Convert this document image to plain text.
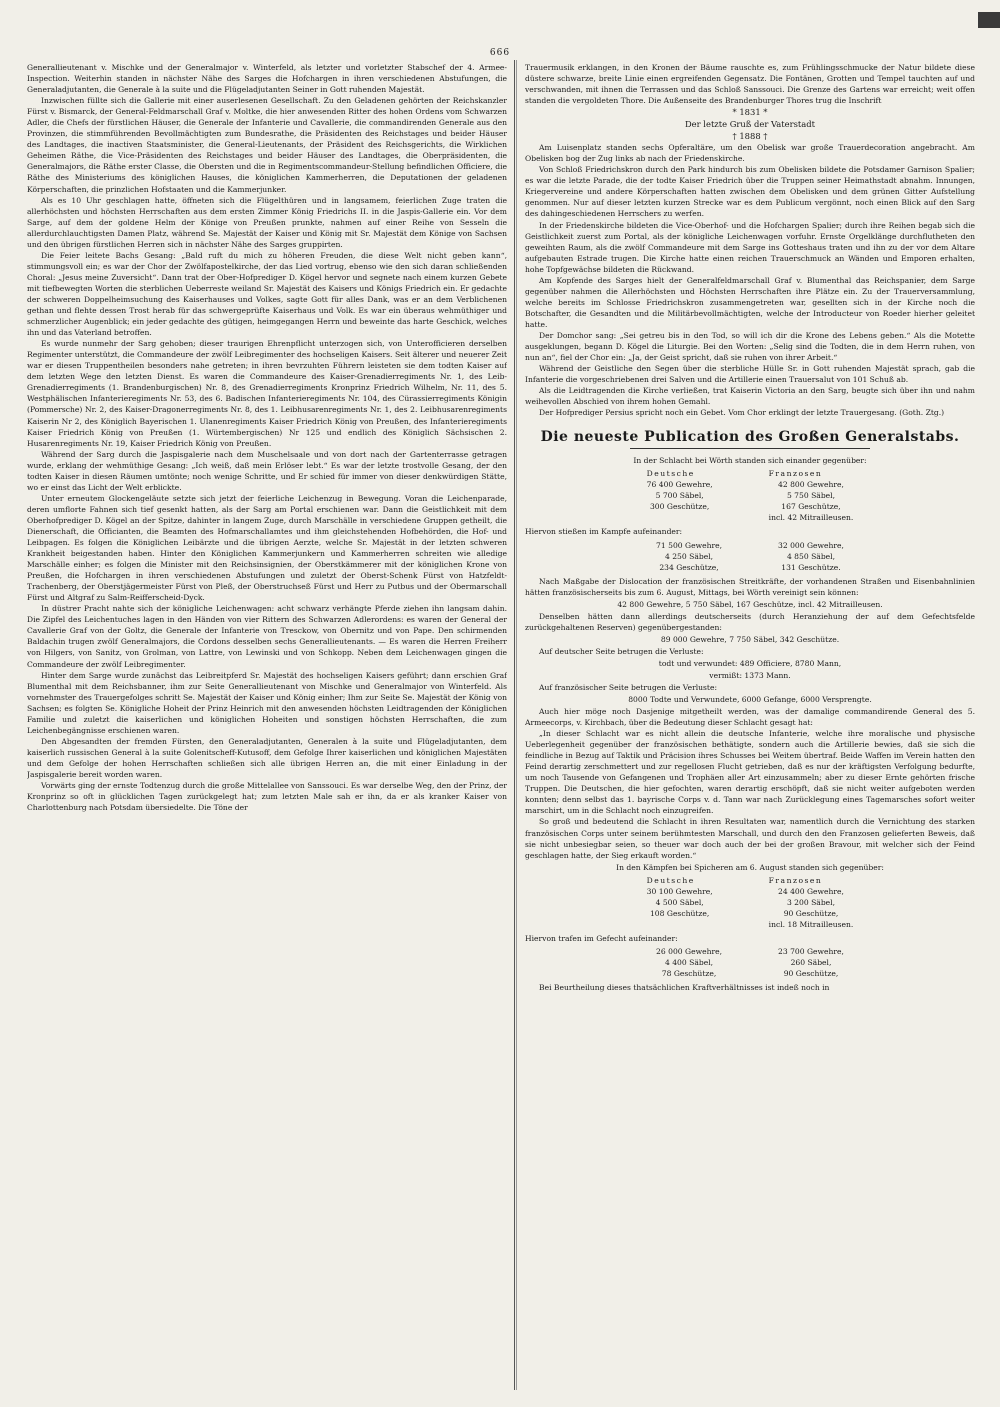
666

Generallieutenant v. Mischke und der Generalmajor v. Winterfeld, als letzter und vorletzter Stabschef der 4. Armee-Inspection. Weiterhin standen in nächster Nähe des Sarges die Hofchargen in ihren verschiedenen Abstufungen, die Generaladjutanten, die Generale à la suite und die Flügeladjutanten Seiner in Gott ruhenden Majestät.

Inzwischen füllte sich die Gallerie mit einer auserlesenen Gesellschaft. Zu den Geladenen gehörten der Reichskanzler Fürst v. Bismarck, der General-Feldmarschall Graf v. Moltke, die hier anwesenden Ritter des hohen Ordens vom Schwarzen Adler, die Chefs der fürstlichen Häuser, die Generale der Infanterie und Cavallerie, die commandirenden Generale aus den Provinzen, die stimmführenden Bevollmächtigten zum Bundesrathe, die Präsidenten des Reichstages und beider Häuser des Landtages, die inactiven Staatsminister, die General-Lieutenants, der Präsident des Reichsgerichts, die Wirklichen Geheimen Räthe, die Vice-Präsidenten des Reichstages und beider Häuser des Landtages, die Oberpräsidenten, die Generalmajors, die Räthe erster Classe, die Obersten und die in Regimentscommandeur-Stellung befindlichen Officiere, die Räthe des Ministeriums des königlichen Hauses, die königlichen Kammerherren, die Deputationen der geladenen Körperschaften, die prinzlichen Hofstaaten und die Kammerjunker.

Als es 10 Uhr geschlagen hatte, öffneten sich die Flügelthüren und in langsamem, feierlichen Zuge traten die allerhöchsten und höchsten Herrschaften aus dem ersten Zimmer König Friedrichs II. in die Jaspis-Gallerie ein. Vor dem Sarge, auf dem der goldene Helm der Könige von Preußen prunkte, nahmen auf einer Reihe von Sesseln die allerdurchlauchtigsten Damen Platz, während Se. Majestät der Kaiser und König mit Sr. Majestät dem Könige von Sachsen und den übrigen fürstlichen Herren sich in nächster Nähe des Sarges gruppirten.

Die Feier leitete Bachs Gesang: „Bald ruft du mich zu höheren Freuden, die diese Welt nicht geben kann“, stimmungsvoll ein; es war der Chor der Zwölfapostelkirche, der das Lied vortrug, ebenso wie den sich daran schließenden Choral: „Jesus meine Zuversicht“. Dann trat der Ober-Hofprediger D. Kögel hervor und segnete nach einem kurzen Gebete mit tiefbewegten Worten die sterblichen Ueberreste weiland Sr. Majestät des Kaisers und Königs Friedrich ein. Er gedachte der schweren Doppelheimsuchung des Kaiserhauses und Volkes, sagte Gott für alles Dank, was er an dem Verblichenen gethan und flehte dessen Trost herab für das schwergeprüfte Kaiserhaus und Volk. Es war ein überaus wehmüthiger und schmerzlicher Augenblick; ein jeder gedachte des gütigen, heimgegangen Herrn und beweinte das harte Geschick, welches ihn und das Vaterland betroffen.

Es wurde nunmehr der Sarg gehoben; dieser traurigen Ehrenpflicht unterzogen sich, von Unterofficieren derselben Regimenter unterstützt, die Commandeure der zwölf Leibregimenter des hochseligen Kaisers. Seit älterer und neuerer Zeit war er diesen Truppentheilen besonders nahe getreten; in ihren bevrzuhten Führern leisteten sie dem todten Kaiser auf dem letzten Wege den letzten Dienst. Es waren die Commandeure des Kaiser-Grenadierregiments Nr. 1, des Leib-Grenadierregiments (1. Brandenburgischen) Nr. 8, des Grenadierregiments Kronprinz Friedrich Wilhelm, Nr. 11, des 5. Westphälischen Infanterieregiments Nr. 53, des 6. Badischen Infanterieregiments Nr. 104, des Cürassierregiments Königin (Pommersche) Nr. 2, des Kaiser-Dragonerregiments Nr. 8, des 1. Leibhusarenregiments Nr. 1, des 2. Leibhusarenregiments Kaiserin Nr 2, des Königlich Bayerischen 1. Ulanenregiments Kaiser Friedrich König von Preußen, des Infanterieregiments Kaiser Friedrich König von Preußen (1. Würtembergischen) Nr 125 und endlich des Königlich Sächsischen 2. Husarenregiments Nr. 19, Kaiser Friedrich König von Preußen.

Während der Sarg durch die Jaspisgalerie nach dem Muschelsaale und von dort nach der Gartenterrasse getragen wurde, erklang der wehmüthige Gesang: „Ich weiß, daß mein Erlöser lebt.“ Es war der letzte trostvolle Gesang, der den todten Kaiser in diesen Räumen umtönte; noch wenige Schritte, und Er schied für immer von dieser denkwürdigen Stätte, wo er einst das Licht der Welt erblickte.

Unter erneutem Glockengeläute setzte sich jetzt der feierliche Leichenzug in Bewegung. Voran die Leichenparade, deren umflorte Fahnen sich tief gesenkt hatten, als der Sarg am Portal erschienen war. Dann die Geistlichkeit mit dem Oberhofprediger D. Kögel an der Spitze, dahinter in langem Zuge, durch Marschälle in verschiedene Gruppen getheilt, die Dienerschaft, die Officianten, die Beamten des Hofmarschallamtes und ihm gleichstehenden Hofbehörden, die Hof- und Leibpagen. Es folgen die Königlichen Leibärzte und die übrigen Aerzte, welche Sr. Majestät in der letzten schweren Krankheit beigestanden haben. Hinter den Königlichen Kammerjunkern und Kammerherren schreiten wie alledige Marschälle einher; es folgen die Minister mit den Reichsinsignien, der Oberstkämmerer mit der königlichen Krone von Preußen, die Hofchargen in ihren verschiedenen Abstufungen und zuletzt der Oberst-Schenk Fürst von Hatzfeldt-Trachenberg, der Oberstjägermeister Fürst von Pleß, der Oberstruchseß Fürst und Herr zu Putbus und der Obermarschall Fürst und Altgraf zu Salm-Reifferscheid-Dyck.

In düstrer Pracht nahte sich der königliche Leichenwagen: acht schwarz verhängte Pferde ziehen ihn langsam dahin. Die Zipfel des Leichentuches lagen in den Händen von vier Rittern des Schwarzen Adlerordens: es waren der General der Cavallerie Graf von der Goltz, die Generale der Infanterie von Tresckow, von Obernitz und von Pape. Den schirmenden Baldachin trugen zwölf Generalmajors, die Cordons desselben sechs Generallieutenants. — Es waren die Herren Freiherr von Hilgers, von Sanitz, von Grolman, von Lattre, von Lewinski und von Schkopp. Neben dem Leichenwagen gingen die Commandeure der zwölf Leibregimenter.

Hinter dem Sarge wurde zunächst das Leibreitpferd Sr. Majestät des hochseligen Kaisers geführt; dann erschien Graf Blumenthal mit dem Reichsbanner, ihm zur Seite Generallieutenant von Mischke und Generalmajor von Winterfeld. Als vornehmster des Trauergefolges schritt Se. Majestät der Kaiser und König einher; Ihm zur Seite Se. Majestät der König von Sachsen; es folgten Se. Königliche Hoheit der Prinz Heinrich mit den anwesenden höchsten Leidtragenden der Königlichen Familie und zuletzt die kaiserlichen und königlichen Hoheiten und sonstigen höchsten Herrschaften, die zum Leichenbegängnisse erschienen waren.

Den Abgesandten der fremden Fürsten, den Generaladjutanten, Generalen à la suite und Flügeladjutanten, dem kaiserlich russischen General à la suite Golenitscheff-Kutusoff, dem Gefolge Ihrer kaiserlichen und königlichen Majestäten und dem Gefolge der hohen Herrschaften schließen sich alle übrigen Herren an, die mit einer Einladung in der Jaspisgalerie bereit worden waren.

Vorwärts ging der ernste Todtenzug durch die große Mittelallee von Sanssouci. Es war derselbe Weg, den der Prinz, der Kronprinz so oft in glücklichen Tagen zurückgelegt hat; zum letzten Male sah er ihn, da er als kranker Kaiser von Charlottenburg nach Potsdam übersiedelte. Die Töne der

Trauermusik erklangen, in den Kronen der Bäume rauschte es, zum Frühlingsschmucke der Natur bildete diese düstere schwarze, breite Linie einen ergreifenden Gegensatz. Die Fontänen, Grotten und Tempel tauchten auf und verschwanden, mit ihnen die Terrassen und das Schloß Sanssouci. Die Grenze des Gartens war erreicht; weit offen standen die vergoldeten Thore. Die Außenseite des Brandenburger Thores trug die Inschrift

* 1831 *
Der letzte Gruß der Vaterstadt
† 1888 †

Am Luisenplatz standen sechs Opferaltäre, um den Obelisk war große Trauerdecoration angebracht. Am Obelisken bog der Zug links ab nach der Friedenskirche.

Von Schloß Friedrichskron durch den Park hindurch bis zum Obelisken bildete die Potsdamer Garnison Spalier; es war die letzte Parade, die der todte Kaiser Friedrich über die Truppen seiner Heimathstadt abnahm. Innungen, Kriegervereine und andere Körperschaften hatten zwischen dem Obelisken und dem grünen Gitter Aufstellung genommen. Nur auf dieser letzten kurzen Strecke war es dem Publicum vergönnt, noch einen Blick auf den Sarg des dahingeschiedenen Herrschers zu werfen.

In der Friedenskirche bildeten die Vice-Oberhof- und die Hofchargen Spalier; durch ihre Reihen begab sich die Geistlichkeit zuerst zum Portal, als der königliche Leichenwagen vorfuhr. Ernste Orgelklänge durchflutheten den geweihten Raum, als die zwölf Commandeure mit dem Sarge ins Gotteshaus traten und ihn zu der vor dem Altare aufgebauten Estrade trugen. Die Kirche hatte einen reichen Trauerschmuck an Wänden und Emporen erhalten, hohe Topfgewächse bildeten die Rückwand.

Am Kopfende des Sarges hielt der Generalfeldmarschall Graf v. Blumenthal das Reichspanier, dem Sarge gegenüber nahmen die Allerhöchsten und Höchsten Herrschaften ihre Plätze ein. Zu der Trauerversammlung, welche bereits im Schlosse Friedrichskron zusammengetreten war, gesellten sich in der Kirche noch die Botschafter, die Gesandten und die Militärbevollmächtigten, welche der Introducteur von Roeder hierher geleitet hatte.

Der Domchor sang: „Sei getreu bis in den Tod, so will ich dir die Krone des Lebens geben.“ Als die Motette ausgeklungen, begann D. Kögel die Liturgie. Bei den Worten: „Selig sind die Todten, die in dem Herrn ruhen, von nun an“, fiel der Chor ein: „Ja, der Geist spricht, daß sie ruhen von ihrer Arbeit.“

Während der Geistliche den Segen über die sterbliche Hülle Sr. in Gott ruhenden Majestät sprach, gab die Infanterie die vorgeschriebenen drei Salven und die Artillerie einen Trauersalut von 101 Schuß ab.

Als die Leidtragenden die Kirche verließen, trat Kaiserin Victoria an den Sarg, beugte sich über ihn und nahm weihevollen Abschied von ihrem hohen Gemahl.

Der Hofprediger Persius spricht noch ein Gebet. Vom Chor erklingt der letzte Trauergesang. (Goth. Ztg.)

Die neueste Publication des Großen Generalstabs.

In der Schlacht bei Wörth standen sich einander gegenüber:

Deutsche	Franzosen
76 400 Gewehre,	42 800 Gewehre,
5 700 Säbel,	5 750 Säbel,
300 Geschütze,	167 Geschütze,
	incl. 42 Mitrailleusen.

Hiervon stießen im Kampfe aufeinander:

71 500 Gewehre,	32 000 Gewehre,
4 250 Säbel,	4 850 Säbel,
234 Geschütze,	131 Geschütze.

Nach Maßgabe der Dislocation der französischen Streitkräfte, der vorhandenen Straßen und Eisenbahnlinien hätten französischerseits bis zum 6. August, Mittags, bei Wörth vereinigt sein können:

42 800 Gewehre, 5 750 Säbel, 167 Geschütze, incl. 42 Mitrailleusen.

Denselben hätten dann allerdings deutscherseits (durch Heranziehung der auf dem Gefechtsfelde zurückgehaltenen Reserven) gegenübergestanden:

89 000 Gewehre, 7 750 Säbel, 342 Geschütze.

Auf deutscher Seite betrugen die Verluste:

todt und verwundet: 489 Officiere, 8780 Mann,

vermißt: 1373 Mann.

Auf französischer Seite betrugen die Verluste:

8000 Todte und Verwundete, 6000 Gefange, 6000 Versprengte.

Auch hier möge noch Dasjenige mitgetheilt werden, was der damalige commandirende General des 5. Armeecorps, v. Kirchbach, über die Bedeutung dieser Schlacht gesagt hat:

„In dieser Schlacht war es nicht allein die deutsche Infanterie, welche ihre moralische und physische Ueberlegenheit gegenüber der französischen bethätigte, sondern auch die Artillerie bewies, daß sie sich die feindliche in Bezug auf Taktik und Präcision ihres Schusses bei Weitem übertraf. Beide Waffen im Verein hatten den Feind derartig zerschmettert und zur regellosen Flucht getrieben, daß es nur der kräftigsten Verfolgung bedurfte, um noch Tausende von Gefangenen und Trophäen aller Art einzusammeln; aber zu dieser Ernte gehörten frische Truppen. Die Deutschen, die hier gefochten, waren derartig erschöpft, daß sie nicht weiter aufgeboten werden konnten; denn selbst das 1. bayrische Corps v. d. Tann war nach Zurücklegung eines Tagemarsches sofort weiter marschirt, um in die Schlacht noch einzugreifen.

So groß und bedeutend die Schlacht in ihren Resultaten war, namentlich durch die Vernichtung des starken französischen Corps unter seinem berühmtesten Marschall, und durch den den Franzosen gelieferten Beweis, daß sie nicht unbesiegbar seien, so theuer war doch auch der bei der großen Bravour, mit welcher sich der Feind geschlagen hatte, der Sieg erkauft worden.“

In den Kämpfen bei Spicheren am 6. August standen sich gegenüber:

Deutsche	Franzosen
30 100 Gewehre,	24 400 Gewehre,
4 500 Säbel,	3 200 Säbel,
108 Geschütze,	90 Geschütze,
	incl. 18 Mitrailleusen.

Hiervon trafen im Gefecht aufeinander:

26 000 Gewehre,	23 700 Gewehre,
4 400 Säbel,	260 Säbel,
78 Geschütze,	90 Geschütze,

Bei Beurtheilung dieses thatsächlichen Kraftverhältnisses ist indeß noch in
